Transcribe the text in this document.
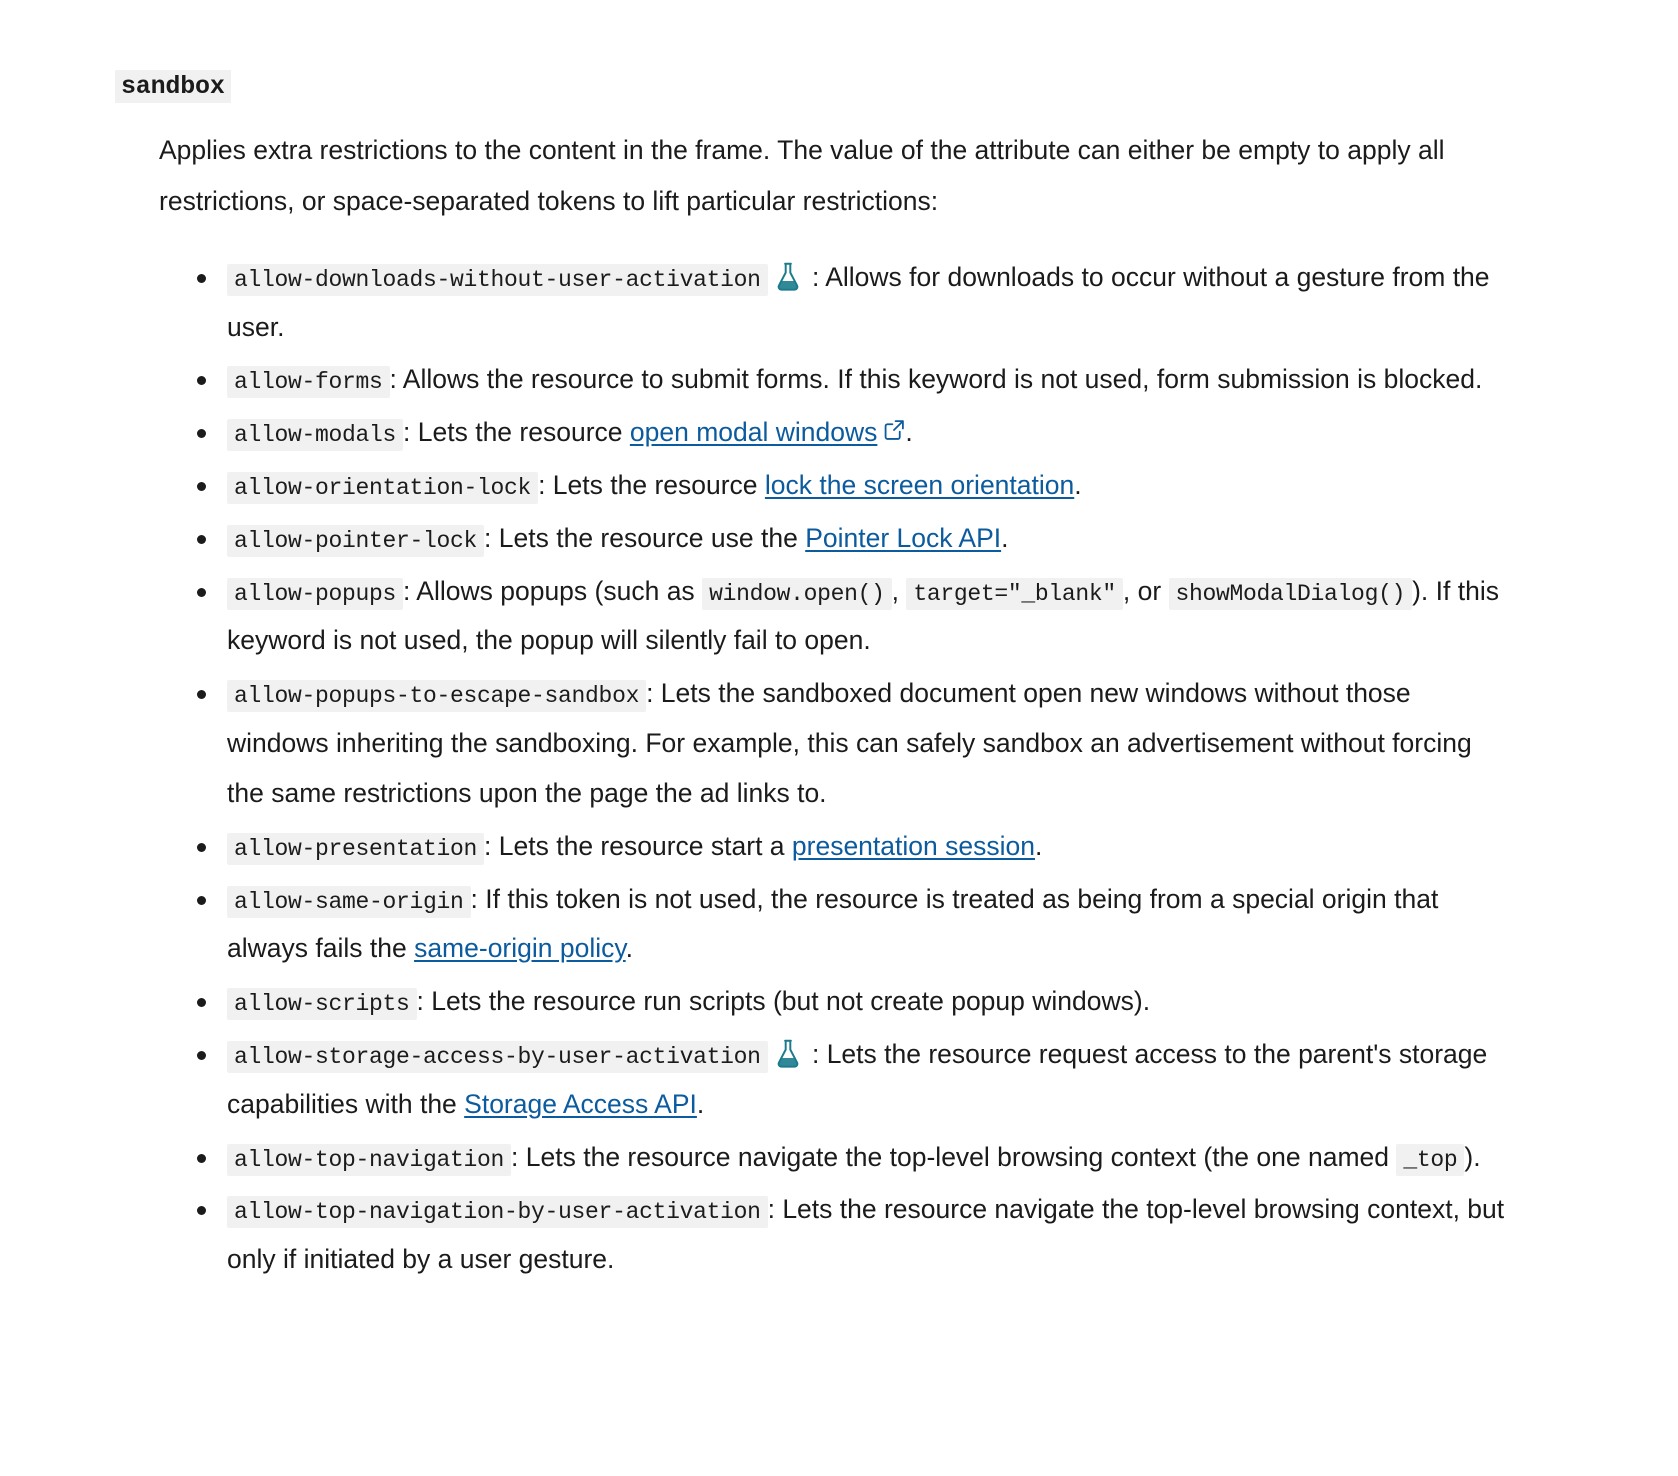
sandbox

Applies extra restrictions to the content in the frame. The value of the attribute can either be empty to apply all restrictions, or space-separated tokens to lift particular restrictions:

allow-downloads-without-user-activation : Allows for downloads to occur without a gesture from the user.
allow-forms : Allows the resource to submit forms. If this keyword is not used, form submission is blocked.
allow-modals : Lets the resource open modal windows .
allow-orientation-lock : Lets the resource lock the screen orientation.
allow-pointer-lock : Lets the resource use the Pointer Lock API.
allow-popups : Allows popups (such as window.open() , target="_blank" , or showModalDialog() ). If this keyword is not used, the popup will silently fail to open.
allow-popups-to-escape-sandbox : Lets the sandboxed document open new windows without those windows inheriting the sandboxing. For example, this can safely sandbox an advertisement without forcing the same restrictions upon the page the ad links to.
allow-presentation : Lets the resource start a presentation session.
allow-same-origin : If this token is not used, the resource is treated as being from a special origin that always fails the same-origin policy.
allow-scripts : Lets the resource run scripts (but not create popup windows).
allow-storage-access-by-user-activation : Lets the resource request access to the parent's storage capabilities with the Storage Access API.
allow-top-navigation : Lets the resource navigate the top-level browsing context (the one named _top ).
allow-top-navigation-by-user-activation : Lets the resource navigate the top-level browsing context, but only if initiated by a user gesture.
